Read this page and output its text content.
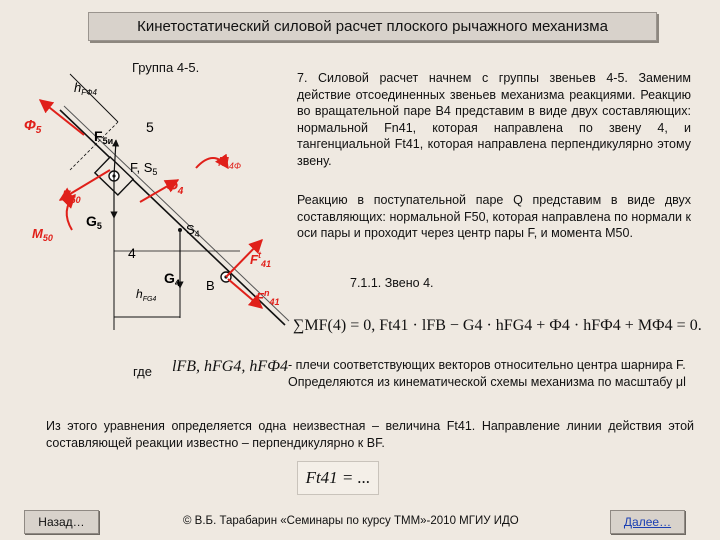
Кинетостатический силовой расчет плоского рычажного механизма
Группа 4-5.
$h_{FФ4}$
$Ф_5$	$F_{5и}$
5
F, $S_5$
$M_{4Ф}$
$Ф_4$
$F_{50}$
$M_{50}$
$G_5$	$S_4$
4	$F^t_{41}$
$G_4$
$h_{FG4}$
B
$F^n_{41}$
7. Силовой расчет начнем с группы звеньев 4-5. Заменим действие отсоединенных звеньев механизма реакциями. Реакцию во вращательной паре B4 представим в виде двух составляющих: нормальной Fn41, которая направлена по звену 4, и тангенциальной Ft41, которая направлена перпендикулярно этому звену.
Реакцию в поступательной паре Q представим в виде двух составляющих: нормальной F50, которая направлена по нормали к оси пары и проходит через центр пары F, и момента M50.
7.1.1. Звено 4.
∑MF(4) = 0, Ft41 · lFB − G4 · hFG4 + Ф4 · hFФ4 + MФ4 = 0.
где lFB, hFG4, hFФ4 - плечи соответствующих векторов относительно центра шарнира F. Определяются из кинематической схемы механизма по масштабу μl
Из этого уравнения определяется одна неизвестная – величина Ft41. Направление линии действия этой составляющей реакции известно – перпендикулярно к BF.
Ft41 = ...
Назад…	© В.Б. Тарабарин «Семинары по курсу ТММ»-2010 МГИУ ИДО	Далее…
